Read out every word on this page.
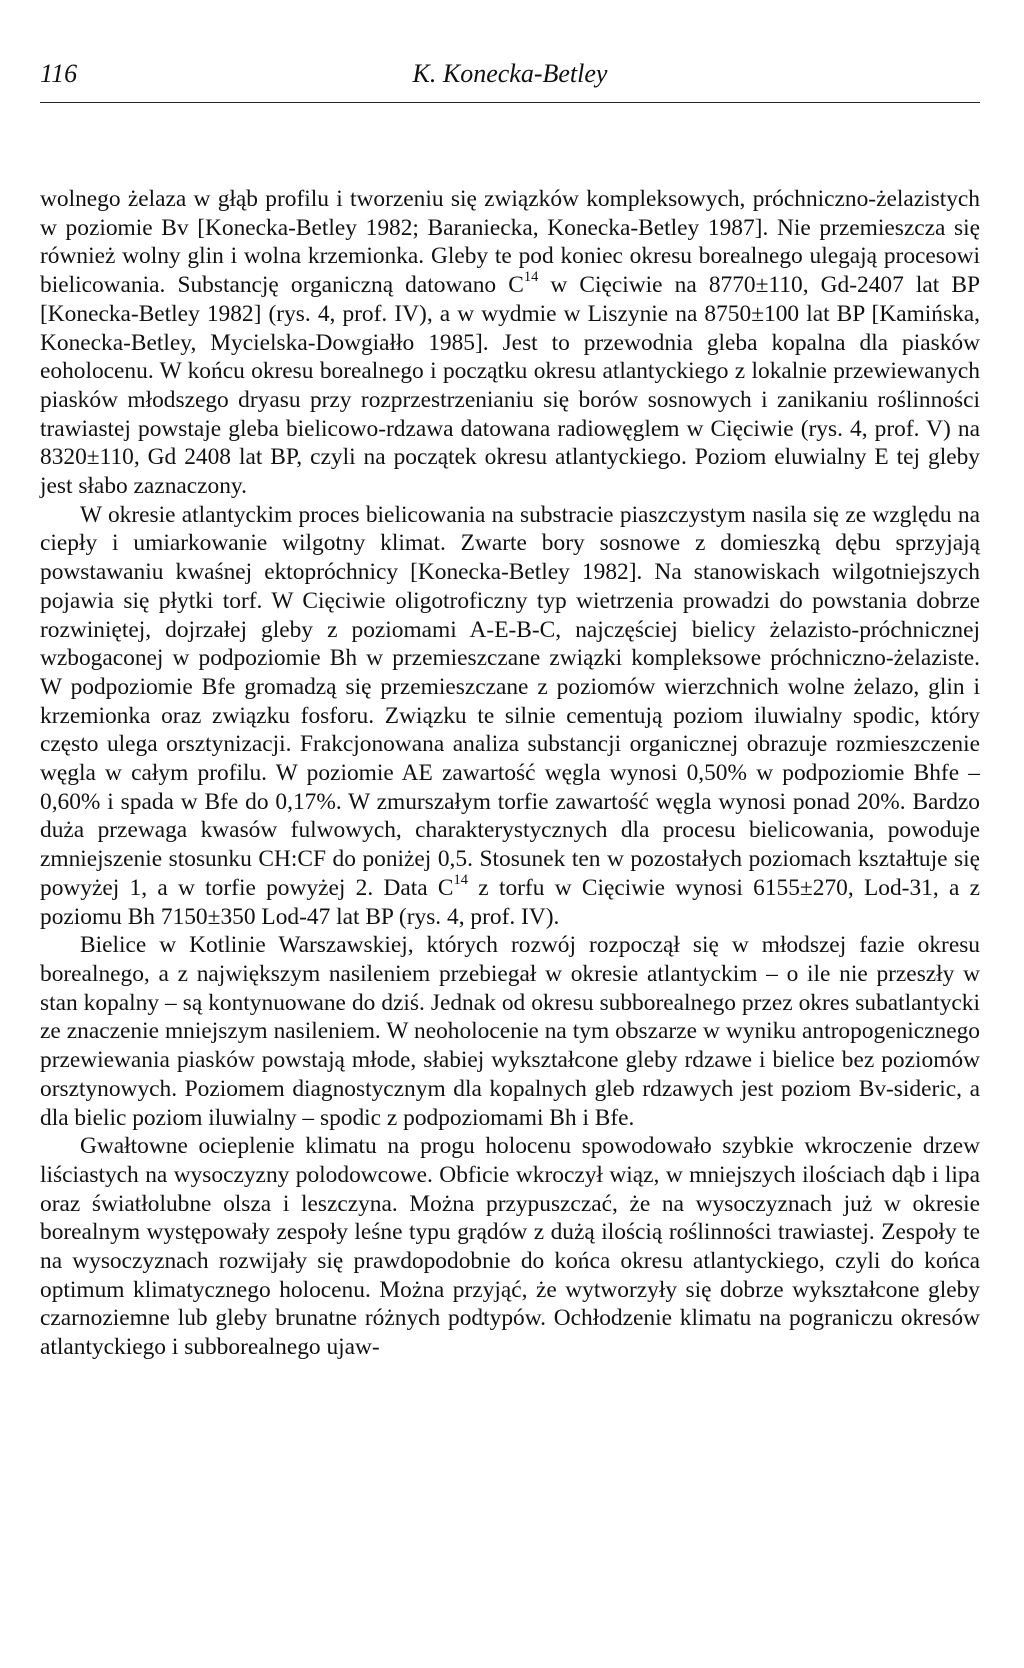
116	K. Konecka-Betley

wolnego żelaza w głąb profilu i tworzeniu się związków kompleksowych, próchniczno-żelazistych w poziomie Bv [Konecka-Betley 1982; Baraniecka, Konecka-Betley 1987]. Nie przemieszcza się również wolny glin i wolna krzemionka. Gleby te pod koniec okresu borealnego ulegają procesowi bielicowania. Substancję organiczną datowano $C^{14}$ w Cięciwie na 8770±110, Gd-2407 lat BP [Konecka-Betley 1982] (rys. 4, prof. IV), a w wydmie w Liszynie na 8750±100 lat BP [Kamińska, Konecka-Betley, Mycielska-Dowgiałło 1985]. Jest to przewodnia gleba kopalna dla piasków eoholocenu. W końcu okresu borealnego i początku okresu atlantyckiego z lokalnie przewiewanych piasków młodszego dryasu przy rozprzestrzenianiu się borów sosnowych i zanikaniu roślinności trawiastej powstaje gleba bielicowo-rdzawa datowana radiowęglem w Cięciwie (rys. 4, prof. V) na 8320±110, Gd 2408 lat BP, czyli na początek okresu atlantyckiego. Poziom eluwialny E tej gleby jest słabo zaznaczony.

W okresie atlantyckim proces bielicowania na substracie piaszczystym nasila się ze względu na ciepły i umiarkowanie wilgotny klimat. Zwarte bory sosnowe z domieszką dębu sprzyjają powstawaniu kwaśnej ektopróchnicy [Konecka-Betley 1982]. Na stanowiskach wilgotniejszych pojawia się płytki torf. W Cięciwie oligotroficzny typ wietrzenia prowadzi do powstania dobrze rozwiniętej, dojrzałej gleby z poziomami A-E-B-C, najczęściej bielicy żelazisto-próchnicznej wzbogaconej w podpoziomie Bh w przemieszczane związki kompleksowe próchniczno-żelaziste. W podpoziomie Bfe gromadzą się przemieszczane z poziomów wierzchnich wolne żelazo, glin i krzemionka oraz związku fosforu. Związku te silnie cementują poziom iluwialny spodic, który często ulega orsztynizacji. Frakcjonowana analiza substancji organicznej obrazuje rozmieszczenie węgla w całym profilu. W poziomie AE zawartość węgla wynosi 0,50% w podpoziomie Bhfe – 0,60% i spada w Bfe do 0,17%. W zmurszałym torfie zawartość węgla wynosi ponad 20%. Bardzo duża przewaga kwasów fulwowych, charakterystycznych dla procesu bielicowania, powoduje zmniejszenie stosunku CH:CF do poniżej 0,5. Stosunek ten w pozostałych poziomach kształtuje się powyżej 1, a w torfie powyżej 2. Data $C^{14}$ z torfu w Cięciwie wynosi 6155±270, Lod-31, a z poziomu Bh 7150±350 Lod-47 lat BP (rys. 4, prof. IV).

Bielice w Kotlinie Warszawskiej, których rozwój rozpoczął się w młodszej fazie okresu borealnego, a z największym nasileniem przebiegał w okresie atlantyckim – o ile nie przeszły w stan kopalny – są kontynuowane do dziś. Jednak od okresu subborealnego przez okres subatlantycki ze znaczenie mniejszym nasileniem. W neoholocenie na tym obszarze w wyniku antropogenicznego przewiewania piasków powstają młode, słabiej wykształcone gleby rdzawe i bielice bez poziomów orsztynowych. Poziomem diagnostycznym dla kopalnych gleb rdzawych jest poziom Bv-sideric, a dla bielic poziom iluwialny – spodic z podpoziomami Bh i Bfe.

Gwałtowne ocieplenie klimatu na progu holocenu spowodowało szybkie wkroczenie drzew liściastych na wysoczyzny polodowcowe. Obficie wkroczył wiąz, w mniejszych ilościach dąb i lipa oraz światłolubne olsza i leszczyna. Można przypuszczać, że na wysoczyznach już w okresie borealnym występowały zespoły leśne typu grądów z dużą ilością roślinności trawiastej. Zespoły te na wysoczyznach rozwijały się prawdopodobnie do końca okresu atlantyckiego, czyli do końca optimum klimatycznego holocenu. Można przyjąć, że wytworzyły się dobrze wykształcone gleby czarnoziemne lub gleby brunatne różnych podtypów. Ochłodzenie klimatu na pograniczu okresów atlantyckiego i subborealnego ujaw-
